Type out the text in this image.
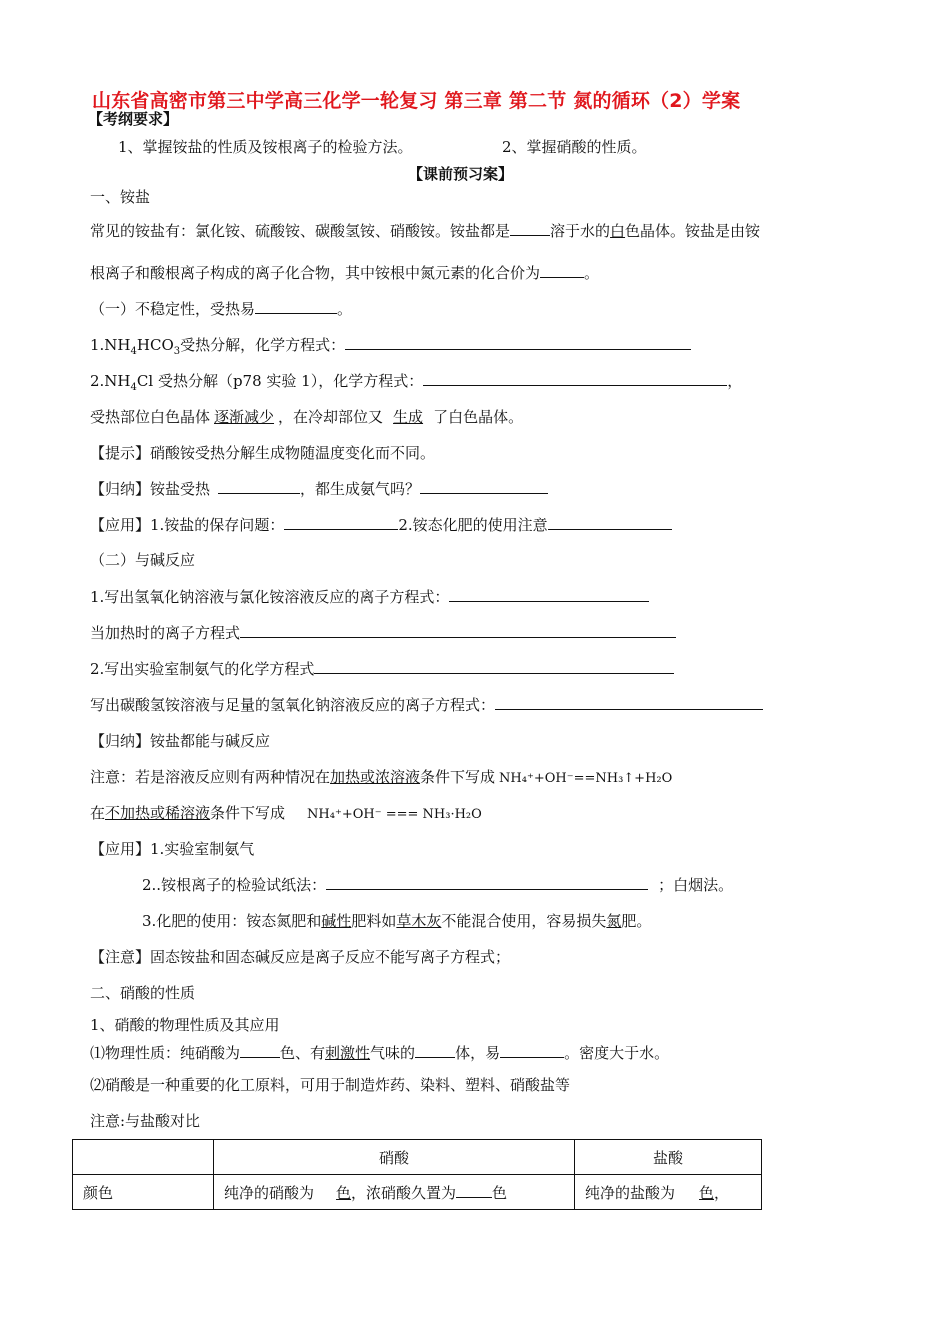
山东省高密市第三中学高三化学一轮复习 第三章 第二节 氮的循环（2）学案
【考纲要求】
1、掌握铵盐的性质及铵根离子的检验方法。	2、掌握硝酸的性质。
【课前预习案】
一、铵盐
常见的铵盐有：氯化铵、硫酸铵、碳酸氢铵、硝酸铵。铵盐都是	溶于水的白色晶体。铵盐是由铵
根离子和酸根离子构成的离子化合物，其中铵根中氮元素的化合价为	。
（一）不稳定性，受热易	。
$1.NH_4HCO_3$受热分解，化学方程式：
$2.NH_4Cl$ 受热分解（p78 实验 1），化学方程式：	，
受热部位白色晶体 逐渐减少 ，在冷却部位又 生成 了白色晶体。
【提示】硝酸铵受热分解生成物随温度变化而不同。
【归纳】铵盐受热	，都生成氨气吗？
【应用】1.铵盐的保存问题：	2.铵态化肥的使用注意
（二）与碱反应
1.写出氢氧化钠溶液与氯化铵溶液反应的离子方程式：
当加热时的离子方程式
2.写出实验室制氨气的化学方程式
写出碳酸氢铵溶液与足量的氢氧化钠溶液反应的离子方程式：
【归纳】铵盐都能与碱反应
注意：若是溶液反应则有两种情况在加热或浓溶液条件下写成 NH₄⁺+OH⁻==NH₃↑+H₂O
在不加热或稀溶液条件下写成 NH₄⁺+OH⁻ === NH₃·H₂O
【应用】1.实验室制氨气
2..铵根离子的检验试纸法：	；白烟法。
3.化肥的使用：铵态氮肥和碱性肥料如草木灰不能混合使用，容易损失氮肥。
【注意】固态铵盐和固态碱反应是离子反应不能写离子方程式；
二、硝酸的性质
1、硝酸的物理性质及其应用
⑴物理性质：纯硝酸为	色、有刺激性气味的	体，易	。密度大于水。
⑵硝酸是一种重要的化工原料，可用于制造炸药、染料、塑料、硝酸盐等
注意:与盐酸对比
	硝酸	盐酸
颜色	纯净的硝酸为 色，浓硝酸久置为 色	纯净的盐酸为 色，
